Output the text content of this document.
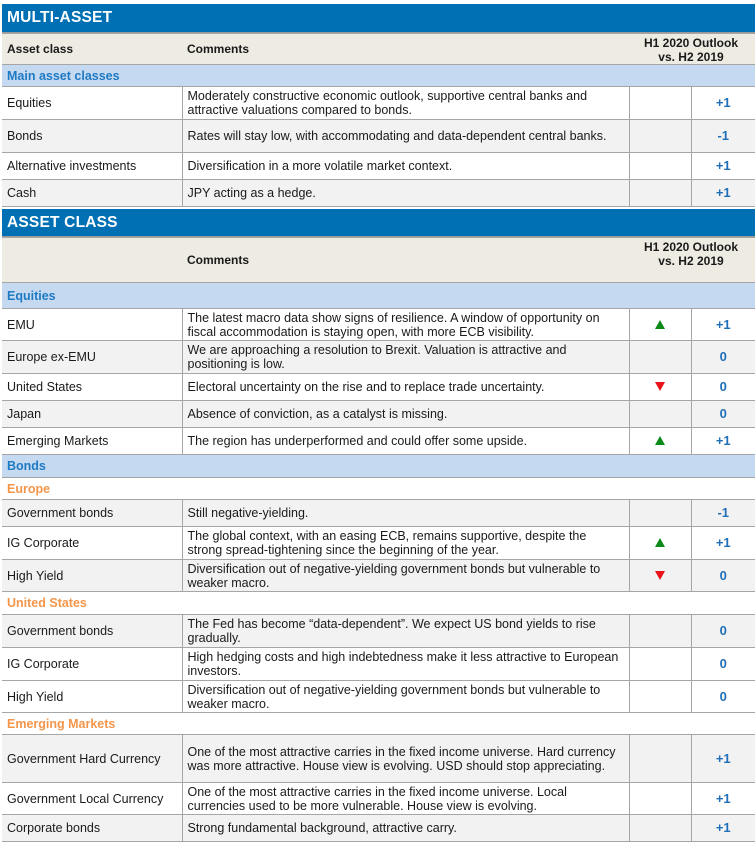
MULTI-ASSET
Asset class	Comments	H1 2020 Outlook
vs. H2 2019	
Main asset classes			
Equities	Moderately constructive economic outlook, supportive central banks and attractive valuations compared to bonds.		+1
Bonds	Rates will stay low, with accommodating and data-dependent central banks.		-1
Alternative investments	Diversification in a more volatile market context.		+1
Cash	JPY acting as a hedge.		+1
ASSET CLASS
	Comments	H1 2020 Outlook
vs. H2 2019	
Equities			
EMU	The latest macro data show signs of resilience. A window of opportunity on fiscal accommodation is staying open, with more ECB visibility.		+1
Europe ex-EMU	We are approaching a resolution to Brexit. Valuation is attractive and positioning is low.		0
United States	Electoral uncertainty on the rise and to replace trade uncertainty.		0
Japan	Absence of conviction, as a catalyst is missing.		0
Emerging Markets	The region has underperformed and could offer some upside.		+1
Bonds			
Europe			
Government bonds	Still negative-yielding.		-1
IG Corporate	The global context, with an easing ECB, remains supportive, despite the strong spread-tightening since the beginning of the year.		+1
High Yield	Diversification out of negative-yielding government bonds but vulnerable to weaker macro.		0
United States			
Government bonds	The Fed has become “data-dependent”. We expect US bond yields to rise gradually.		0
IG Corporate	High hedging costs and high indebtedness make it less attractive to European investors.		0
High Yield	Diversification out of negative-yielding government bonds but vulnerable to weaker macro.		0
Emerging Markets			
Government Hard Currency	One of the most attractive carries in the fixed income universe. Hard currency was more attractive. House view is evolving. USD should stop appreciating.		+1
Government Local Currency	One of the most attractive carries in the fixed income universe. Local currencies used to be more vulnerable. House view is evolving.		+1
Corporate bonds	Strong fundamental background, attractive carry.		+1
